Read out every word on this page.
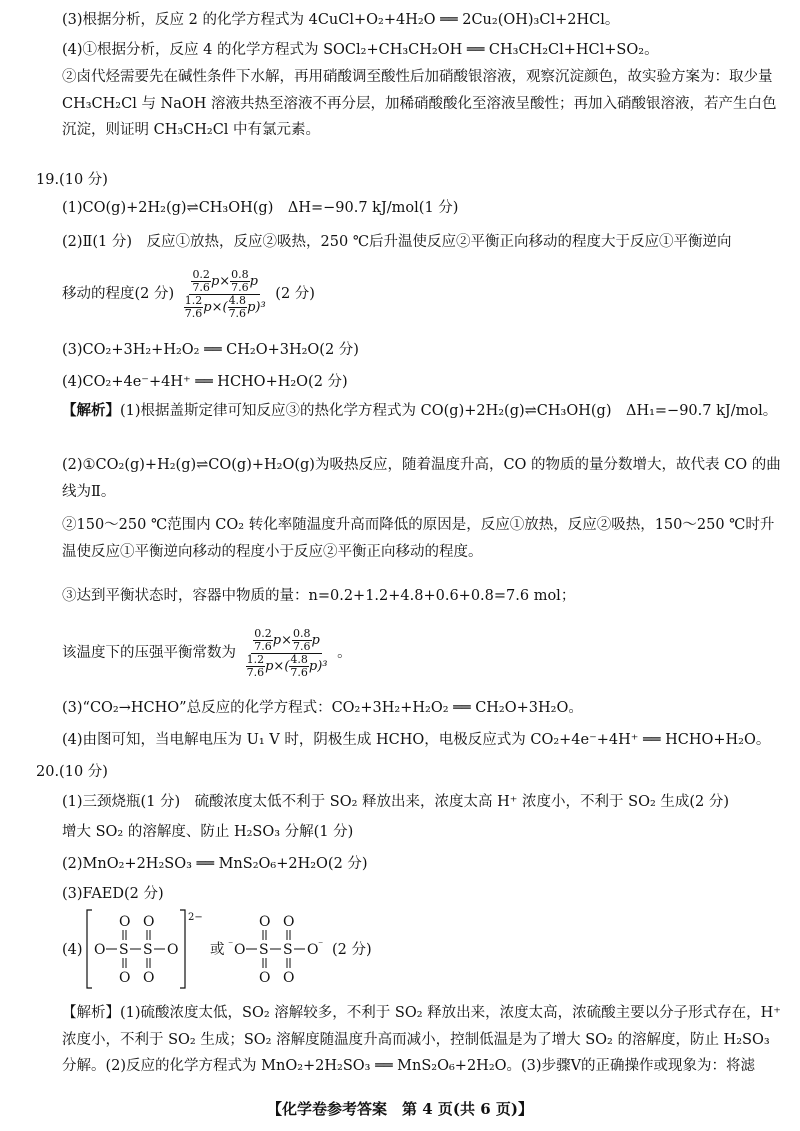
(3)根据分析，反应 2 的化学方程式为 4CuCl+O₂+4H₂O ══ 2Cu₂(OH)₃Cl+2HCl。
(4)①根据分析，反应 4 的化学方程式为 SOCl₂+CH₃CH₂OH ══ CH₃CH₂Cl+HCl+SO₂。
②卤代烃需要先在碱性条件下水解，再用硝酸调至酸性后加硝酸银溶液，观察沉淀颜色，故实验方案为：取少量 CH₃CH₂Cl 与 NaOH 溶液共热至溶液不再分层，加稀硝酸酸化至溶液呈酸性；再加入硝酸银溶液，若产生白色沉淀，则证明 CH₃CH₂Cl 中有氯元素。
19.(10 分)
(1)CO(g)+2H₂(g)⇌CH₃OH(g)　ΔH=−90.7 kJ/mol(1 分)
(2)Ⅱ(1 分)　反应①放热，反应②吸热，250 ℃后升温使反应②平衡正向移动的程度大于反应①平衡逆向
移动的程度(2 分) $\frac{\frac{0.2}{7.6} p\times \frac{0.8}{7.6} p}{\frac{1.2}{7.6} p\times( \frac{4.8}{7.6} p)^3} (2$ 分)
(3)CO₂+3H₂+H₂O₂ ══ CH₂O+3H₂O(2 分)
(4)CO₂+4e⁻+4H⁺ ══ HCHO+H₂O(2 分)
【解析】(1)根据盖斯定律可知反应③的热化学方程式为 CO(g)+2H₂(g)⇌CH₃OH(g)　ΔH₁=−90.7 kJ/mol。
(2)①CO₂(g)+H₂(g)⇌CO(g)+H₂O(g)为吸热反应，随着温度升高，CO 的物质的量分数增大，故代表 CO 的曲线为Ⅱ。
②150～250 ℃范围内 CO₂ 转化率随温度升高而降低的原因是，反应①放热，反应②吸热，150～250 ℃时升温使反应①平衡逆向移动的程度小于反应②平衡正向移动的程度。
③达到平衡状态时，容器中物质的量：n=0.2+1.2+4.8+0.6+0.8=7.6 mol；
该温度下的压强平衡常数为 $\frac{\frac{0.2}{7.6} p\times \frac{0.8}{7.6} p}{\frac{1.2}{7.6} p\times( \frac{4.8}{7.6} p)^3}$ 。
(3)“CO₂→HCHO”总反应的化学方程式：CO₂+3H₂+H₂O₂ ══ CH₂O+3H₂O。
(4)由图可知，当电解电压为 U₁ V 时，阴极生成 HCHO，电极反应式为 CO₂+4e⁻+4H⁺ ══ HCHO+H₂O。
20.(10 分)
(1)三颈烧瓶(1 分)　硫酸浓度太低不利于 SO₂ 释放出来，浓度太高 H⁺ 浓度小，不利于 SO₂ 生成(2 分)
增大 SO₂ 的溶解度、防止 H₂SO₃ 分解(1 分)
(2)MnO₂+2H₂SO₃ ══ MnS₂O₆+2H₂O(2 分)
(3)FAED(2 分)
(4)
2−
O O
O S S O
O O
或 ⁻ O
O O
S S O ⁻
O O
(2 分)
【解析】(1)硫酸浓度太低，SO₂ 溶解较多，不利于 SO₂ 释放出来，浓度太高，浓硫酸主要以分子形式存在，H⁺ 浓度小，不利于 SO₂ 生成；SO₂ 溶解度随温度升高而减小，控制低温是为了增大 SO₂ 的溶解度，防止 H₂SO₃ 分解。(2)反应的化学方程式为 MnO₂+2H₂SO₃ ══ MnS₂O₆+2H₂O。(3)步骤Ⅴ的正确操作或现象为：将滤
【化学卷参考答案　第 4 页(共 6 页)】
